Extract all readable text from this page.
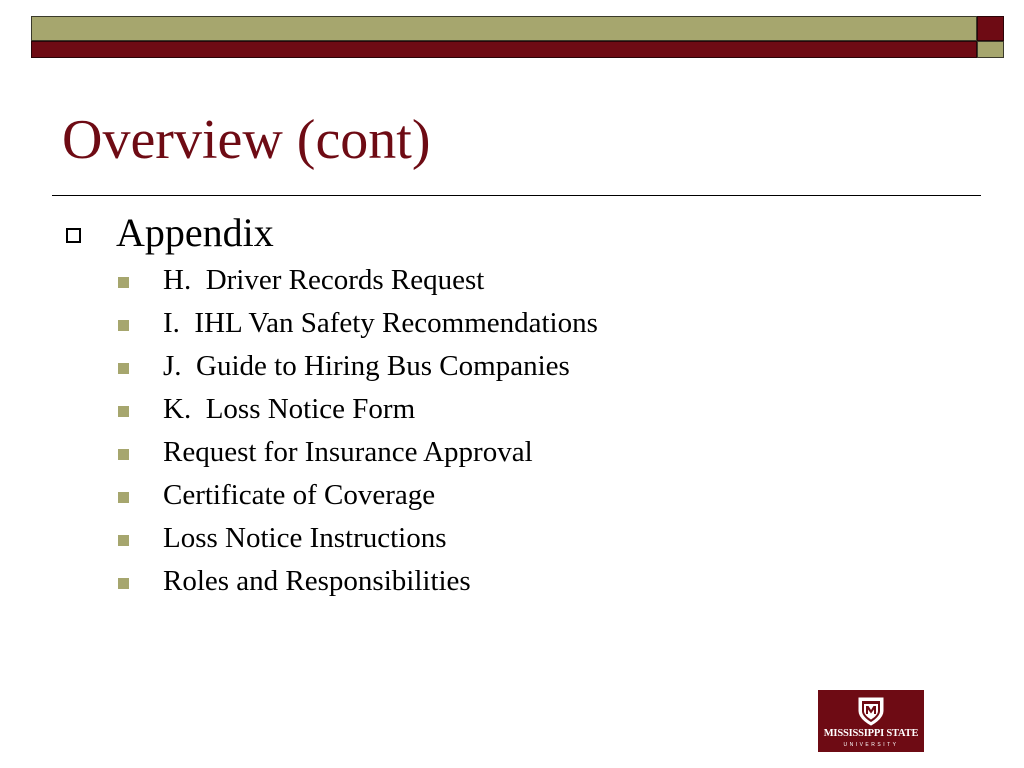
Overview (cont)
Appendix
H.  Driver Records Request
I.  IHL Van Safety Recommendations
J.  Guide to Hiring Bus Companies
K.  Loss Notice Form
Request for Insurance Approval
Certificate of Coverage
Loss Notice Instructions
Roles and Responsibilities
MISSISSIPPI STATE
UNIVERSITY
